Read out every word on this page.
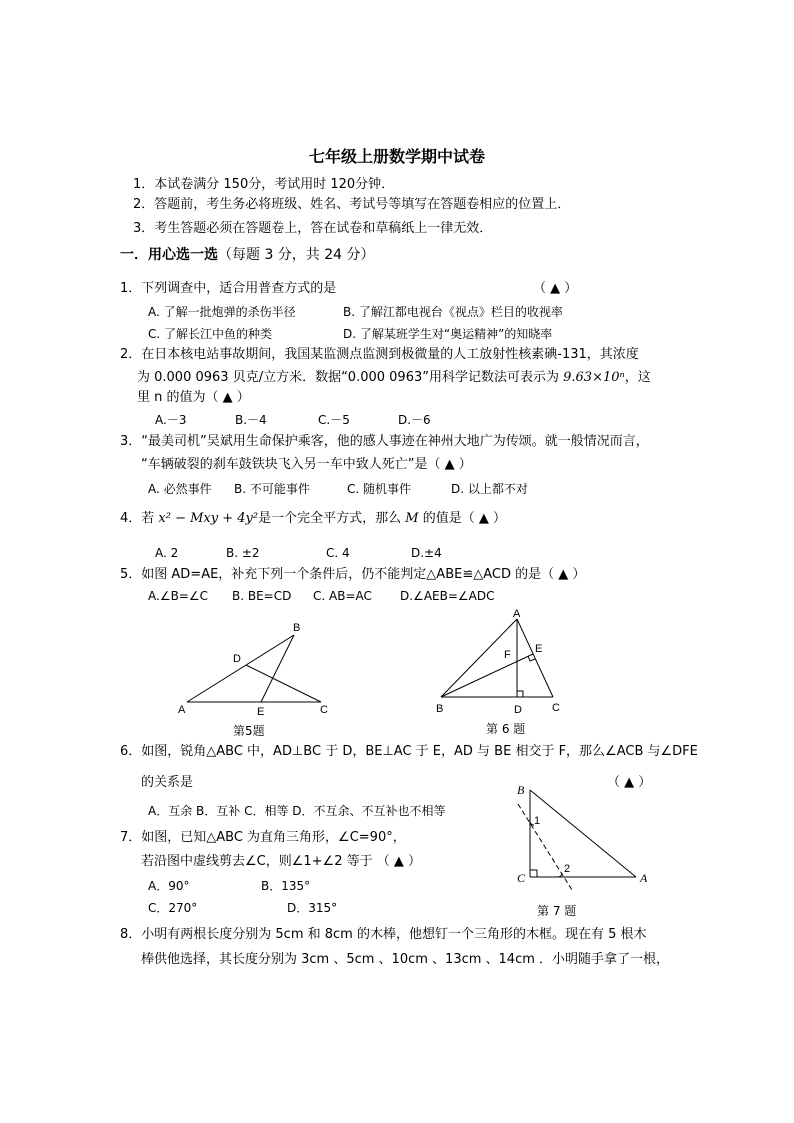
七年级上册数学期中试卷
1．本试卷满分 150分，考试用时 120分钟．
2．答题前，考生务必将班级、姓名、考试号等填写在答题卷相应的位置上．
3．考生答题必须在答题卷上，答在试卷和草稿纸上一律无效．
一．用心选一选（每题 3 分，共 24 分）
1．下列调查中，适合用普查方式的是	（ ▲ ）
A. 了解一批炮弹的杀伤半径	B. 了解江都电视台《视点》栏目的收视率
C. 了解长江中鱼的种类	D. 了解某班学生对“奥运精神”的知晓率
2．在日本核电站事故期间，我国某监测点监测到极微量的人工放射性核素碘-131，其浓度
为 0.000 0963 贝克/立方米．数据“0.000 0963”用科学记数法可表示为 9.63×10ⁿ，这
里 n 的值为（ ▲ ）
A.－3	B.－4	C.－5	D.－6
3．“最美司机”吴斌用生命保护乘客，他的感人事迹在神州大地广为传颂。就一般情况而言，
“车辆破裂的刹车鼓铁块飞入另一车中致人死亡”是（ ▲ ）
A. 必然事件 B. 不可能事件	C. 随机事件	D. 以上都不对
4．若 x² − Mxy + 4y²是一个完全平方式，那么 M 的值是（ ▲ ）
A. 2	B. ±2	C. 4	D.±4
5．如图 AD=AE，补充下列一个条件后，仍不能判定△ABE≌△ACD 的是（ ▲ ）
A.∠B=∠C B. BE=CD C. AB=AC D.∠AEB=∠ADC
A
B
C
D
E
第5题
A
B	C
D
E
F
第 6 题
6．如图，锐角△ABC 中，AD⊥BC 于 D，BE⊥AC 于 E，AD 与 BE 相交于 F，那么∠ACB 与∠DFE
的关系是	（ ▲ ）
A．互余 B．互补 C．相等 D．不互余、不互补也不相等
7．如图，已知△ABC 为直角三角形，∠C=90°，
若沿图中虚线剪去∠C，则∠1+∠2 等于 （ ▲ ）
A．90°	B．135°
C．270°	D．315°
B
C	A
1
2
第 7 题
8．小明有两根长度分别为 5cm 和 8cm 的木棒，他想钉一个三角形的木框。现在有 5 根木
棒供他选择，其长度分别为 3cm 、5cm 、10cm 、13cm 、14cm ．小明随手拿了一根，
